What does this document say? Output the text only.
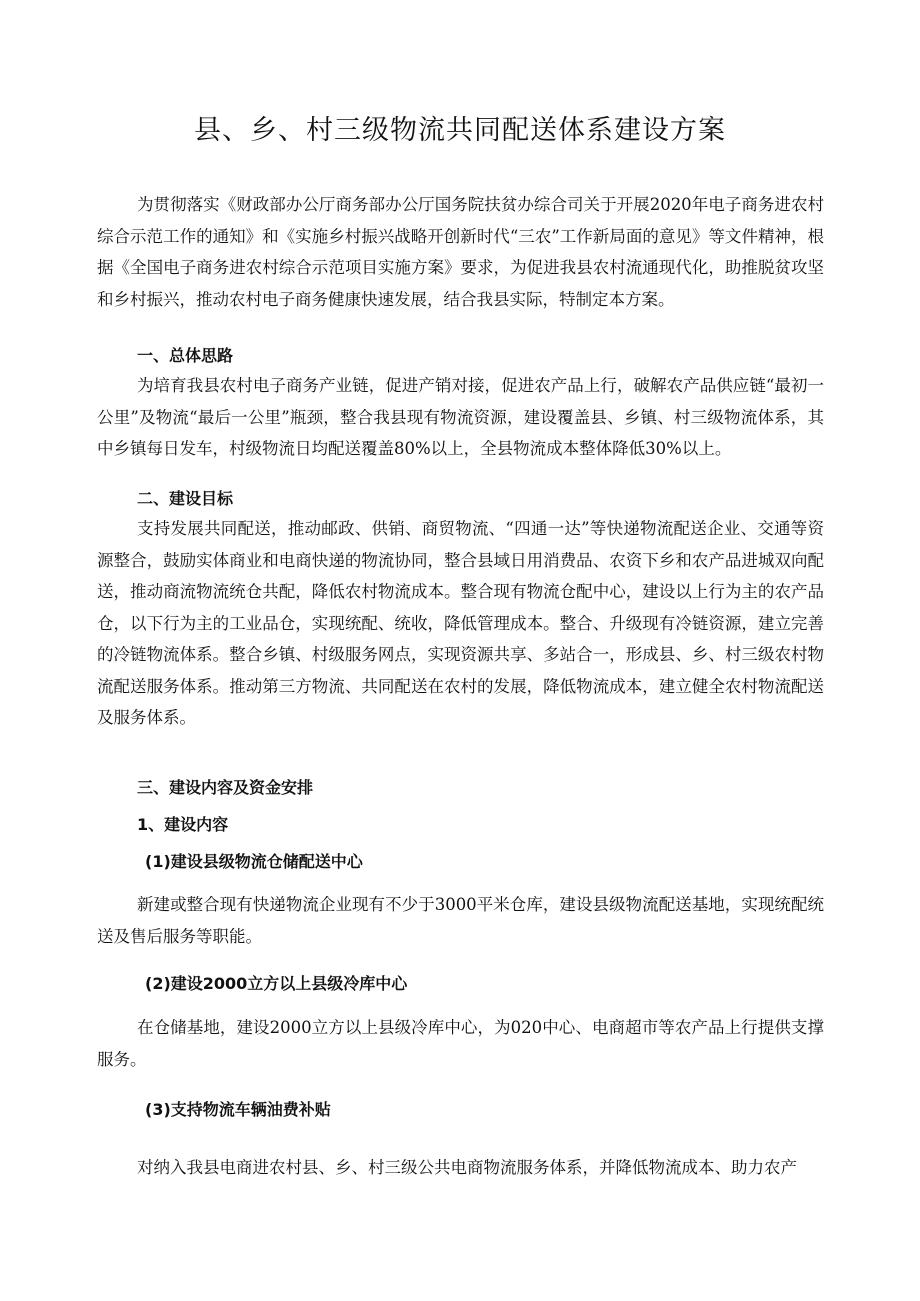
县、乡、村三级物流共同配送体系建设方案

为贯彻落实《财政部办公厅商务部办公厅国务院扶贫办综合司关于开展2020年电子商务进农村综合示范工作的通知》和《实施乡村振兴战略开创新时代“三农”工作新局面的意见》等文件精神，根据《全国电子商务进农村综合示范项目实施方案》要求，为促进我县农村流通现代化，助推脱贫攻坚和乡村振兴，推动农村电子商务健康快速发展，结合我县实际，特制定本方案。

一、总体思路

为培育我县农村电子商务产业链，促进产销对接，促进农产品上行，破解农产品供应链“最初一公里”及物流“最后一公里”瓶颈，整合我县现有物流资源，建设覆盖县、乡镇、村三级物流体系，其中乡镇每日发车，村级物流日均配送覆盖80%以上，全县物流成本整体降低30%以上。

二、建设目标

支持发展共同配送，推动邮政、供销、商贸物流、“四通一达”等快递物流配送企业、交通等资源整合，鼓励实体商业和电商快递的物流协同，整合县域日用消费品、农资下乡和农产品进城双向配送，推动商流物流统仓共配，降低农村物流成本。整合现有物流仓配中心，建设以上行为主的农产品仓，以下行为主的工业品仓，实现统配、统收，降低管理成本。整合、升级现有冷链资源，建立完善的冷链物流体系。整合乡镇、村级服务网点，实现资源共享、多站合一，形成县、乡、村三级农村物流配送服务体系。推动第三方物流、共同配送在农村的发展，降低物流成本，建立健全农村物流配送及服务体系。

三、建设内容及资金安排
1、建设内容
(1)建设县级物流仓储配送中心

新建或整合现有快递物流企业现有不少于3000平米仓库，建设县级物流配送基地，实现统配统送及售后服务等职能。

(2)建设2000立方以上县级冷库中心

在仓储基地，建设2000立方以上县级冷库中心，为020中心、电商超市等农产品上行提供支撑服务。

(3)支持物流车辆油费补贴

对纳入我县电商进农村县、乡、村三级公共电商物流服务体系，并降低物流成本、助力农产
